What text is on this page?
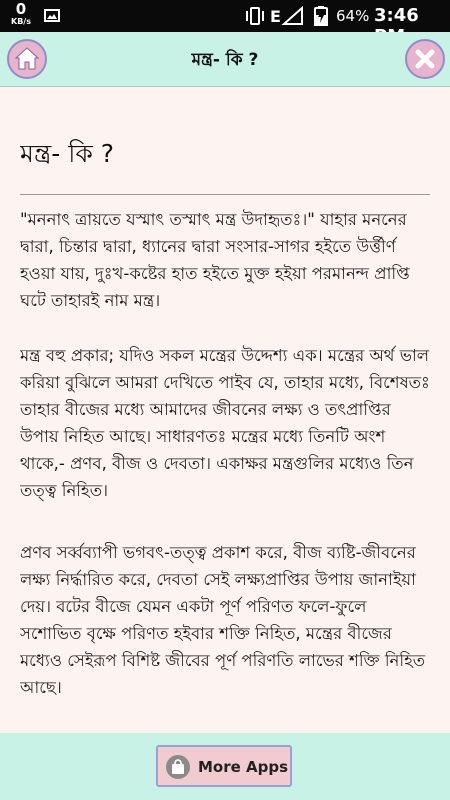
0
KB/s	E	64% 3:46
মন্ত্র- কি ?
মন্ত্র- কি ?

"মননাৎ ত্রায়তে যস্মাৎ তস্মাৎ মন্ত্র উদাহৃতঃ।" যাহার মননের দ্বারা, চিন্তার দ্বারা, ধ্যানের দ্বারা সংসার-সাগর হইতে উর্ত্তীর্ণ হওয়া যায়, দুঃখ-কষ্টের হাত হইতে মুক্ত হইয়া পরমানন্দ প্রাপ্তি ঘটে তাহারই নাম মন্ত্র।

মন্ত্র বহু প্রকার; যদিও সকল মন্ত্রের উদ্দেশ্য এক। মন্ত্রের অর্থ ভাল করিয়া বুঝিলে আমরা দেখিতে পাইব যে, তাহার মধ্যে, বিশেষতঃ তাহার বীজের মধ্যে আমাদের জীবনের লক্ষ্য ও তৎপ্রাপ্তির উপায় নিহিত আছে। সাধারণতঃ মন্ত্রের মধ্যে তিনটি অংশ থাকে,- প্রণব, বীজ ও দেবতা। একাক্ষর মন্ত্রগুলির মধ্যেও তিন তত্ত্ব নিহিত।

প্রণব সর্ব্বব্যাপী ভগবৎ-তত্ত্ব প্রকাশ করে, বীজ ব্যষ্টি-জীবনের লক্ষ্য নির্দ্ধারিত করে, দেবতা সেই লক্ষ্যপ্রাপ্তির উপায় জানাইয়া দেয়। বটের বীজে যেমন একটা পূর্ণ পরিণত ফলে-ফুলে সশোভিত বৃক্ষে পরিণত হইবার শক্তি নিহিত, মন্ত্রের বীজের মধ্যেও সেইরূপ বিশিষ্ট জীবের পূর্ণ পরিণতি লাভের শক্তি নিহিত আছে।

More Apps
